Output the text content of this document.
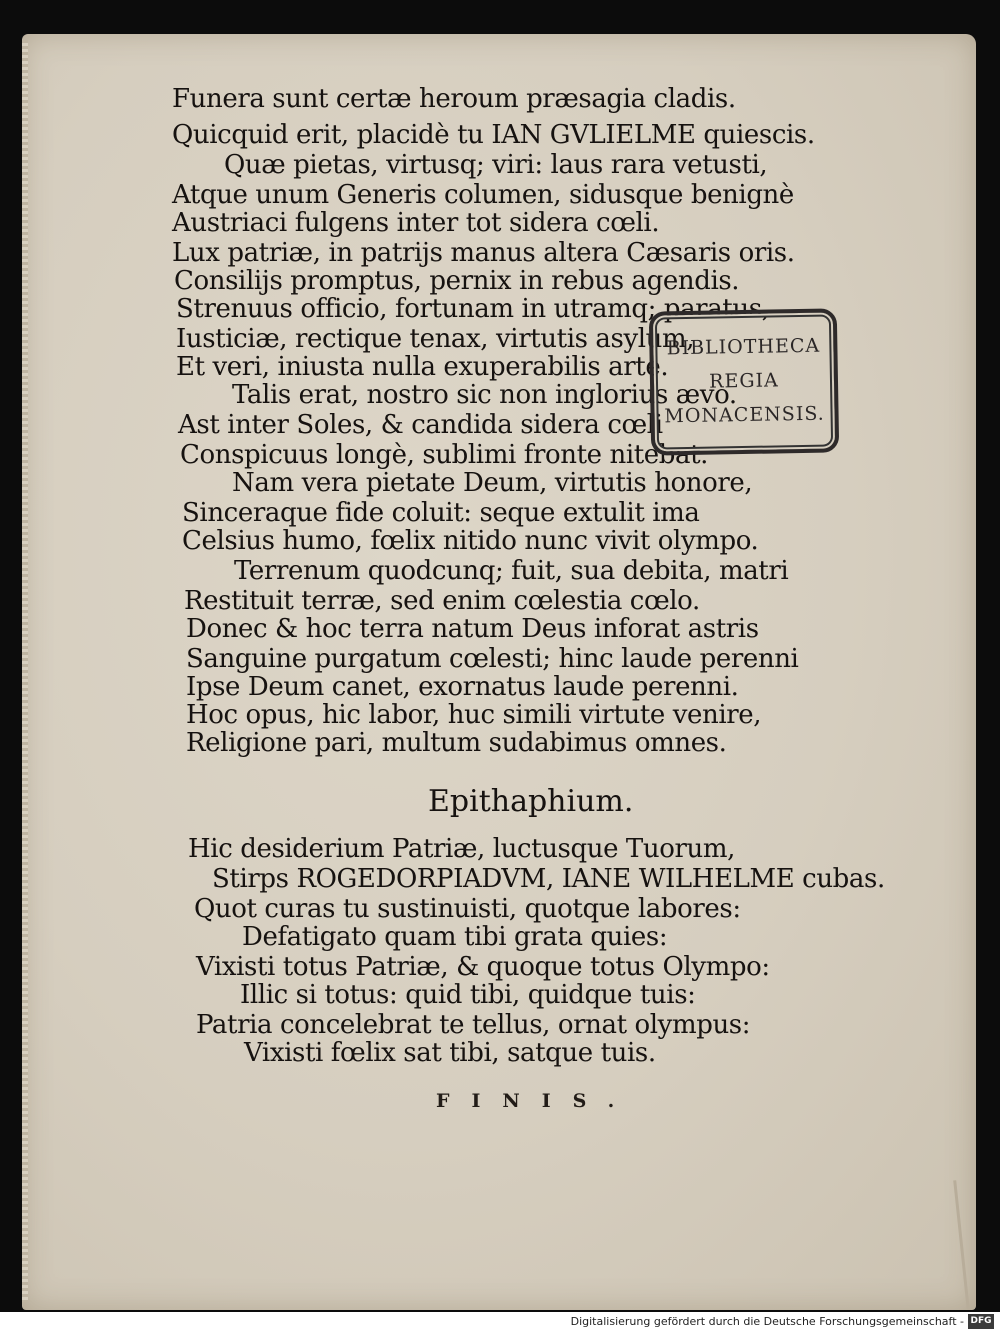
Funera sunt certæ heroum præsagia cladis.
Quicquid erit, placidè tu IAN GVLIELME quiescis.
Quæ pietas, virtusq; viri: laus rara vetusti,
Atque unum Generis columen, sidusque benignè
Austriaci fulgens inter tot sidera cœli.
Lux patriæ, in patrijs manus altera Cæsaris oris.
Consilijs promptus, pernix in rebus agendis.
Strenuus officio, fortunam in utramq; paratus,
Iusticiæ, rectique tenax, virtutis asylum,
Et veri, iniusta nulla exuperabilis arte.
Talis erat, nostro sic non inglorius ævo.
Ast inter Soles, & candida sidera cœli
Conspicuus longè, sublimi fronte nitebat.
Nam vera pietate Deum, virtutis honore,
Sinceraque fide coluit: seque extulit ima
Celsius humo, fœlix nitido nunc vivit olympo.
Terrenum quodcunq; fuit, sua debita, matri
Restituit terræ, sed enim cœlestia cœlo.
Donec & hoc terra natum Deus inforat astris
Sanguine purgatum cœlesti; hinc laude perenni
Ipse Deum canet, exornatus laude perenni.
Hoc opus, hic labor, huc simili virtute venire,
Religione pari, multum sudabimus omnes.
Epithaphium.
Hic desiderium Patriæ, luctusque Tuorum,
Stirps ROGEDORPIADVM, IANE WILHELME cubas.
Quot curas tu sustinuisti, quotque labores:
Defatigato quam tibi grata quies:
Vixisti totus Patriæ, & quoque totus Olympo:
Illic si totus: quid tibi, quidque tuis:
Patria concelebrat te tellus, ornat olympus:
Vixisti fœlix sat tibi, satque tuis.
FINIS.
BIBLIOTHECA
REGIA
MONACENSIS.
Digitalisierung gefördert durch die Deutsche Forschungsgemeinschaft - DFG
